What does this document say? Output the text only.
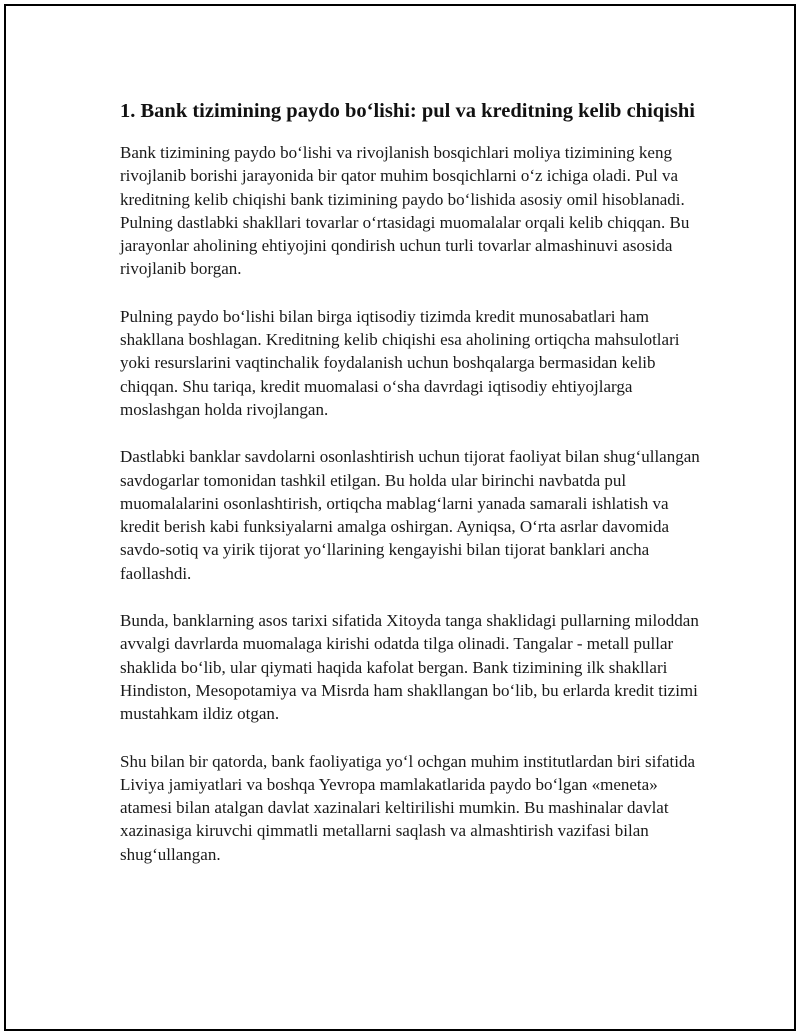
1. Bank tizimining paydo bo‘lishi: pul va kreditning kelib chiqishi

Bank tizimining paydo bo‘lishi va rivojlanish bosqichlari moliya tizimining keng rivojlanib borishi jarayonida bir qator muhim bosqichlarni o‘z ichiga oladi. Pul va kreditning kelib chiqishi bank tizimining paydo bo‘lishida asosiy omil hisoblanadi. Pulning dastlabki shakllari tovarlar o‘rtasidagi muomalalar orqali kelib chiqqan. Bu jarayonlar aholining ehtiyojini qondirish uchun turli tovarlar almashinuvi asosida rivojlanib borgan.

Pulning paydo bo‘lishi bilan birga iqtisodiy tizimda kredit munosabatlari ham shakllana boshlagan. Kreditning kelib chiqishi esa aholining ortiqcha mahsulotlari yoki resurslarini vaqtinchalik foydalanish uchun boshqalarga bermasidan kelib chiqqan. Shu tariqa, kredit muomalasi o‘sha davrdagi iqtisodiy ehtiyojlarga moslashgan holda rivojlangan.

Dastlabki banklar savdolarni osonlashtirish uchun tijorat faoliyat bilan shug‘ullangan savdogarlar tomonidan tashkil etilgan. Bu holda ular birinchi navbatda pul muomalalarini osonlashtirish, ortiqcha mablag‘larni yanada samarali ishlatish va kredit berish kabi funksiyalarni amalga oshirgan. Ayniqsa, O‘rta asrlar davomida savdo-sotiq va yirik tijorat yo‘llarining kengayishi bilan tijorat banklari ancha faollashdi.

Bunda, banklarning asos tarixi sifatida Xitoyda tanga shaklidagi pullarning miloddan avvalgi davrlarda muomalaga kirishi odatda tilga olinadi. Tangalar - metall pullar shaklida bo‘lib, ular qiymati haqida kafolat bergan. Bank tizimining ilk shakllari Hindiston, Mesopotamiya va Misrda ham shakllangan bo‘lib, bu erlarda kredit tizimi mustahkam ildiz otgan.

Shu bilan bir qatorda, bank faoliyatiga yo‘l ochgan muhim institutlardan biri sifatida Liviya jamiyatlari va boshqa Yevropa mamlakatlarida paydo bo‘lgan «meneta» atamesi bilan atalgan davlat xazinalari keltirilishi mumkin. Bu mashinalar davlat xazinasiga kiruvchi qimmatli metallarni saqlash va almashtirish vazifasi bilan shug‘ullangan.
